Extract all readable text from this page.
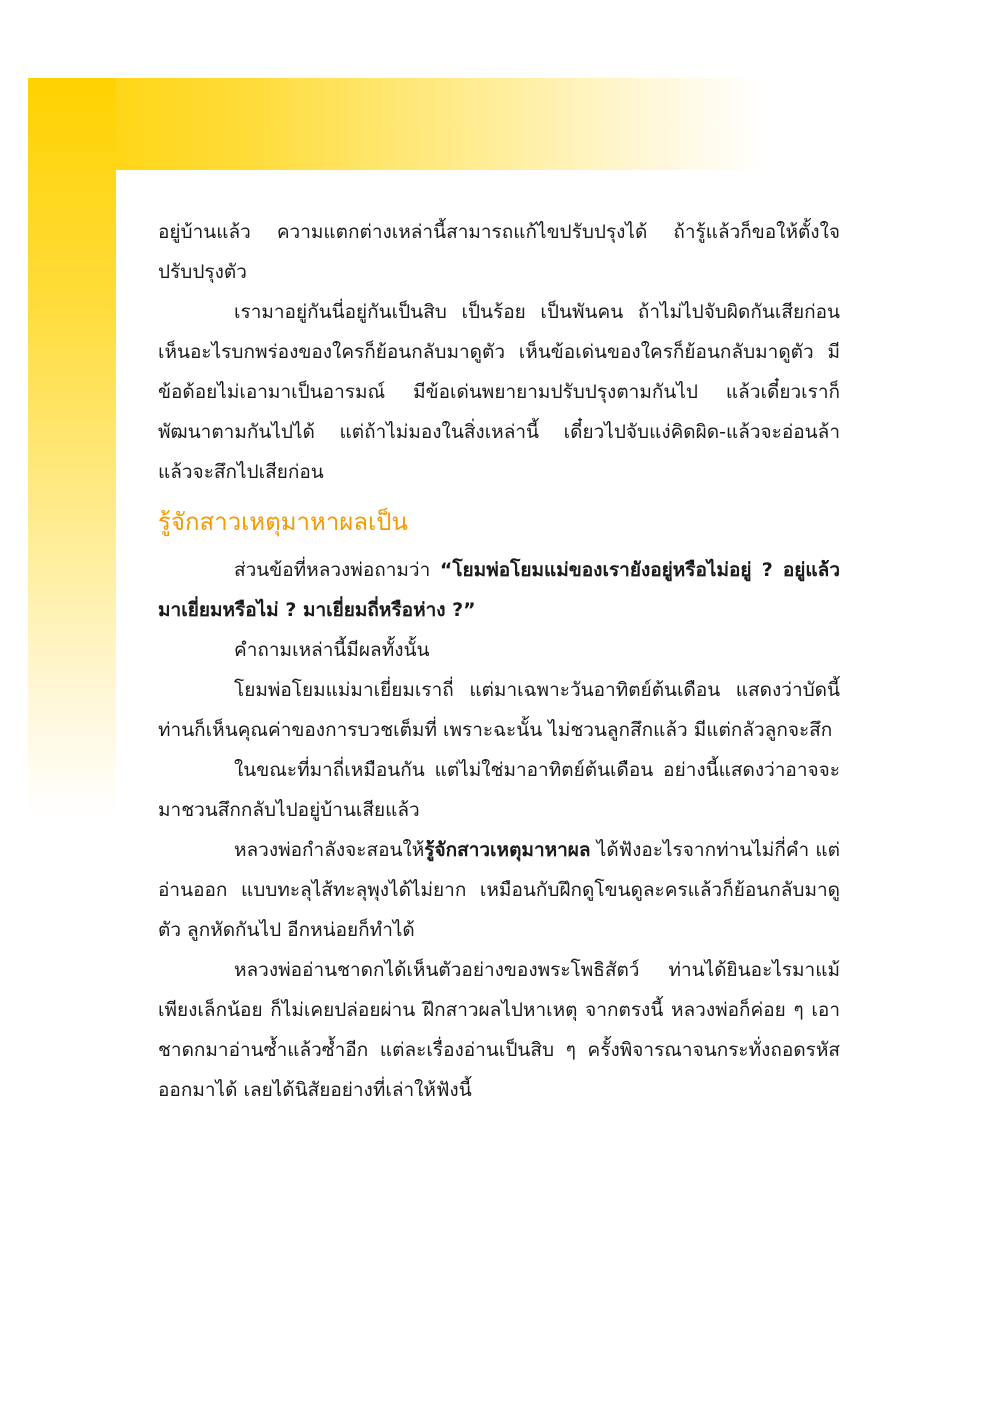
อยู่บ้านแล้ว ความแตกต่างเหล่านี้สามารถแก้ไขปรับปรุงได้ ถ้ารู้แล้วก็ขอให้ตั้งใจปรับปรุงตัว

เรามาอยู่กันนี่อยู่กันเป็นสิบ เป็นร้อย เป็นพันคน ถ้าไม่ไปจับผิดกันเสียก่อน เห็นอะไรบกพร่องของใครก็ย้อนกลับมาดูตัว เห็นข้อเด่นของใครก็ย้อนกลับมาดูตัว มีข้อด้อยไม่เอามาเป็นอารมณ์ มีข้อเด่นพยายามปรับปรุงตามกันไป แล้วเดี๋ยวเราก็พัฒนาตามกันไปได้ แต่ถ้าไม่มองในสิ่งเหล่านี้ เดี๋ยวไปจับแง่คิดผิด-แล้วจะอ่อนล้า แล้วจะสึกไปเสียก่อน

รู้จักสาวเหตุมาหาผลเป็น

ส่วนข้อที่หลวงพ่อถามว่า “โยมพ่อโยมแม่ของเรายังอยู่หรือไม่อยู่ ? อยู่แล้วมาเยี่ยมหรือไม่ ? มาเยี่ยมถี่หรือห่าง ?”

คำถามเหล่านี้มีผลทั้งนั้น

โยมพ่อโยมแม่มาเยี่ยมเราถี่ แต่มาเฉพาะวันอาทิตย์ต้นเดือน แสดงว่าบัดนี้ท่านก็เห็นคุณค่าของการบวชเต็มที่ เพราะฉะนั้น ไม่ชวนลูกสึกแล้ว มีแต่กลัวลูกจะสึก

ในขณะที่มาถี่เหมือนกัน แต่ไม่ใช่มาอาทิตย์ต้นเดือน อย่างนี้แสดงว่าอาจจะมาชวนสึกกลับไปอยู่บ้านเสียแล้ว

หลวงพ่อกำลังจะสอนให้รู้จักสาวเหตุมาหาผล ได้ฟังอะไรจากท่านไม่กี่คำ แต่อ่านออก แบบทะลุไส้ทะลุพุงได้ไม่ยาก เหมือนกับฝึกดูโขนดูละครแล้วก็ย้อนกลับมาดูตัว ลูกหัดกันไป อีกหน่อยก็ทำได้

หลวงพ่ออ่านชาดกได้เห็นตัวอย่างของพระโพธิสัตว์ ท่านได้ยินอะไรมาแม้เพียงเล็กน้อย ก็ไม่เคยปล่อยผ่าน ฝึกสาวผลไปหาเหตุ จากตรงนี้ หลวงพ่อก็ค่อย ๆ เอาชาดกมาอ่านซ้ำแล้วซ้ำอีก แต่ละเรื่องอ่านเป็นสิบ ๆ ครั้งพิจารณาจนกระทั่งถอดรหัสออกมาได้ เลยได้นิสัยอย่างที่เล่าให้ฟังนี้
